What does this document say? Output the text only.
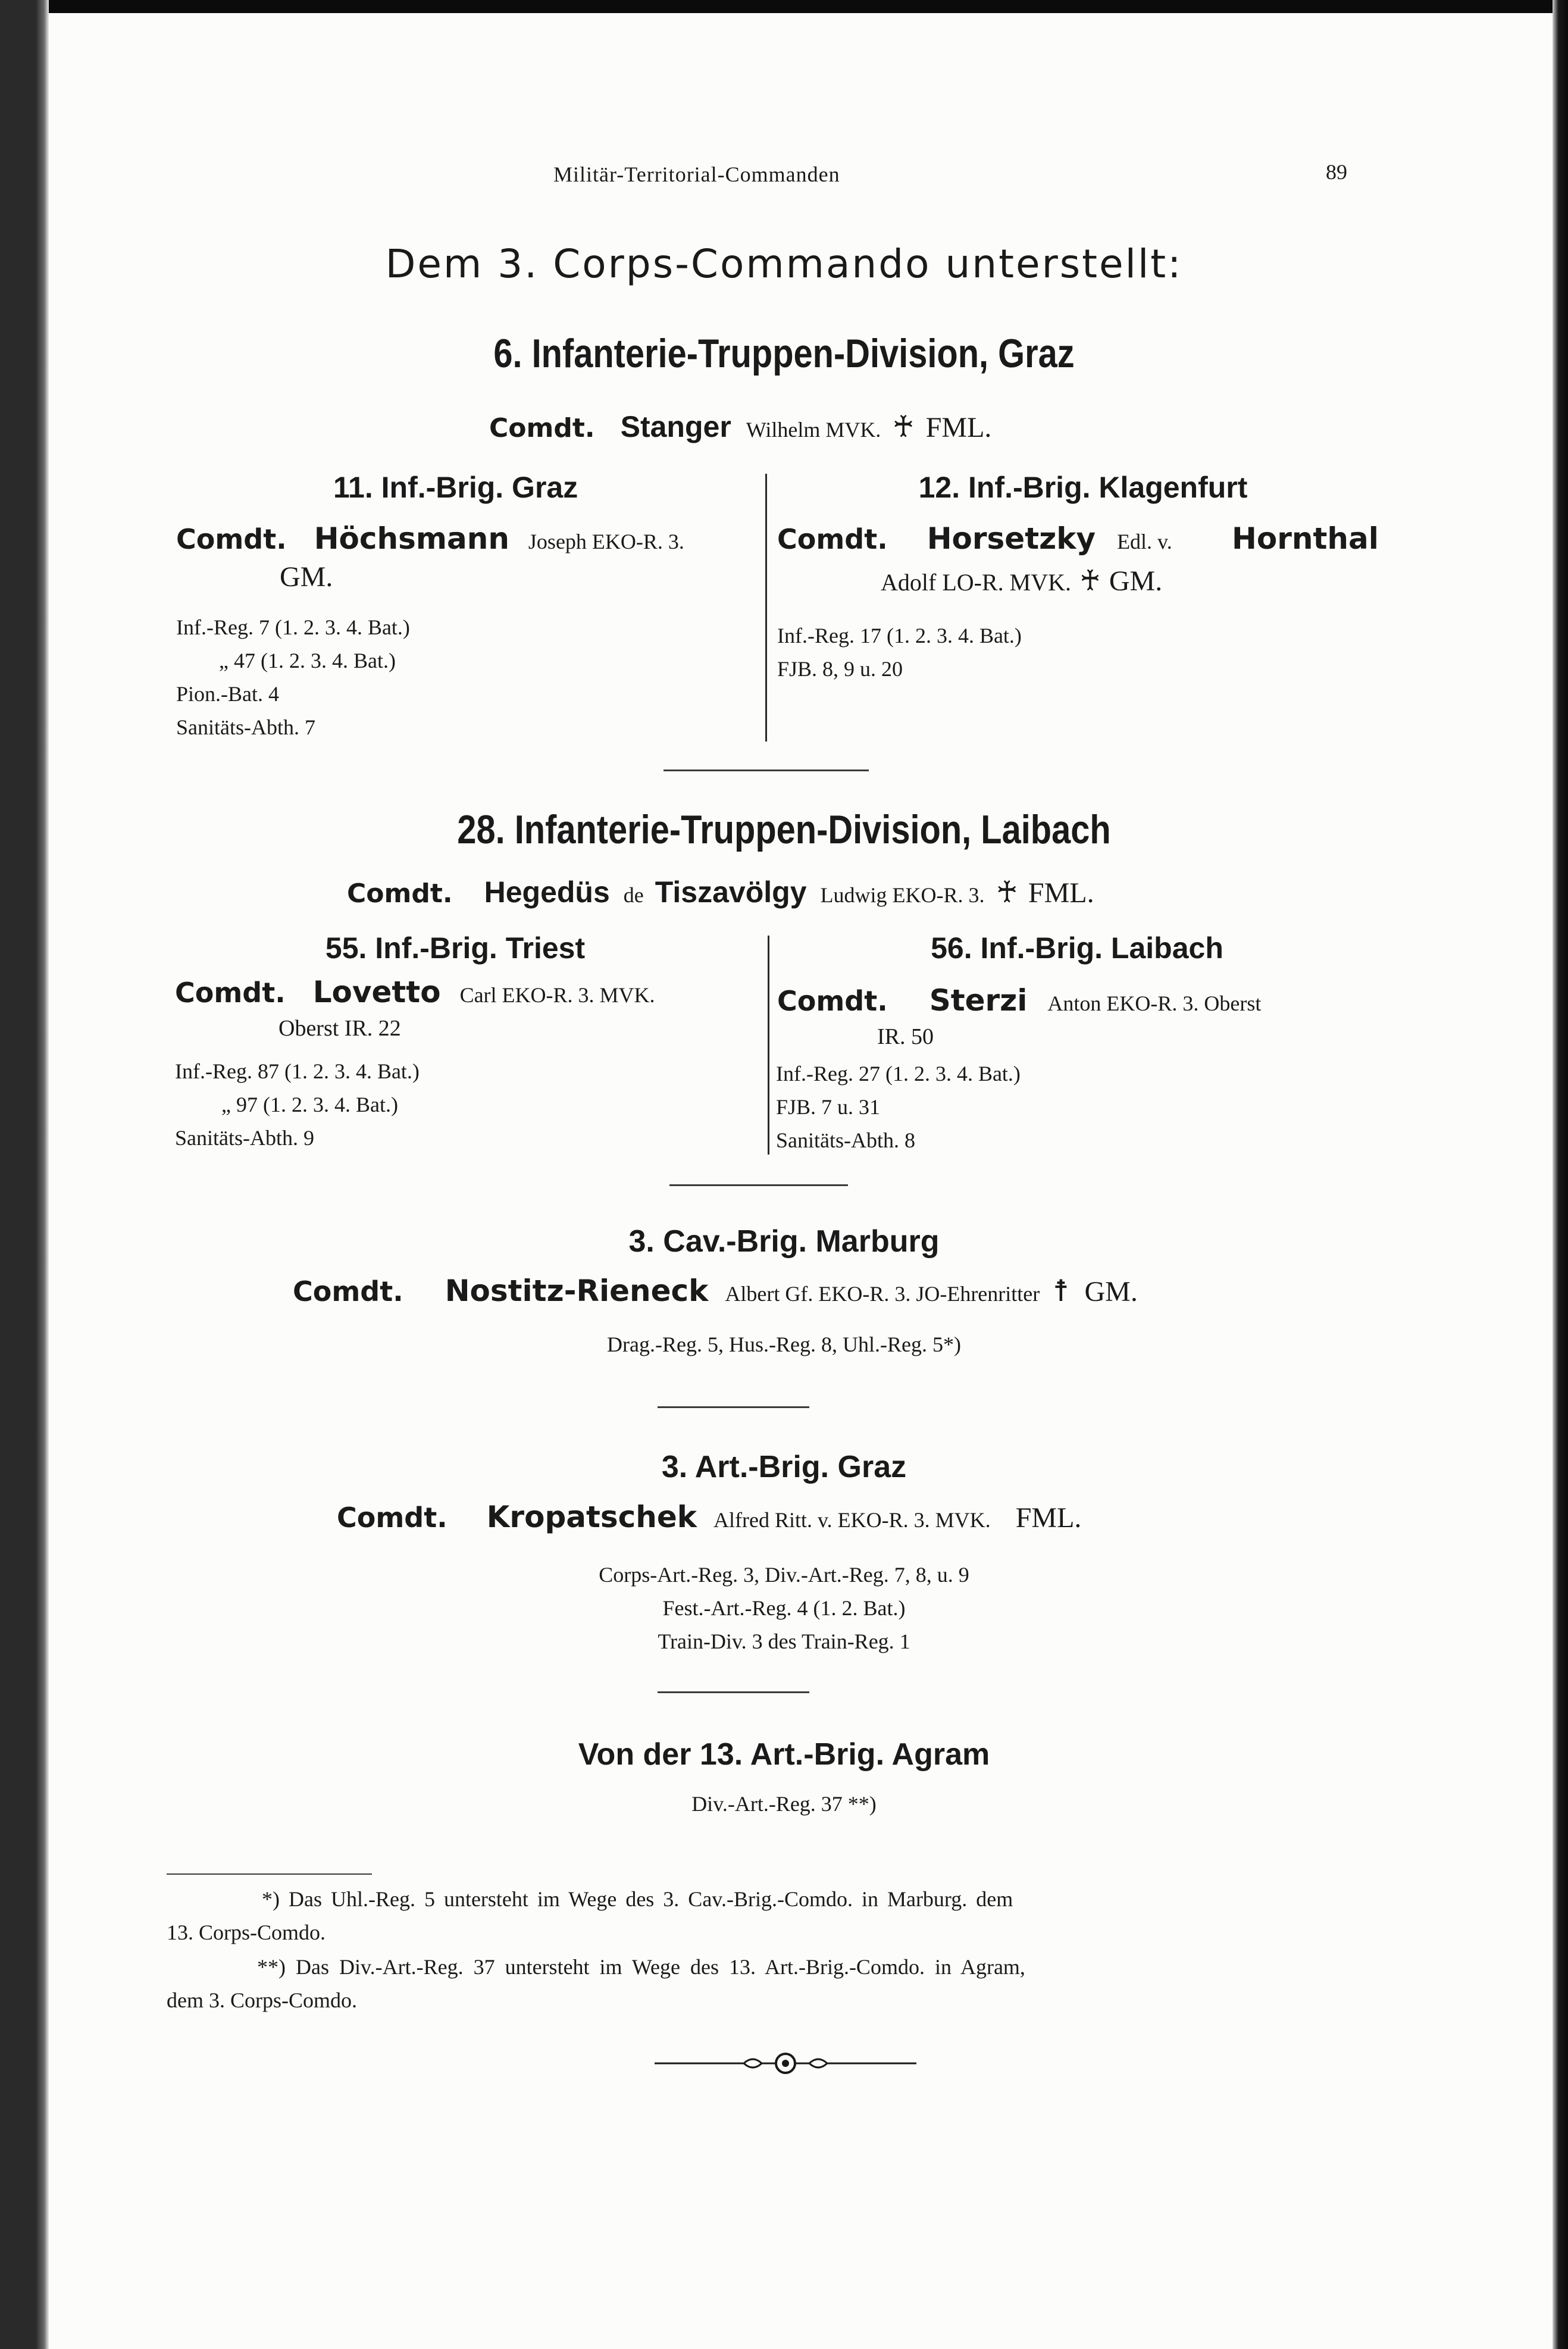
Militär-Territorial-Commanden	89
Dem 3. Corps-Commando unterstellt:
6. Infanterie-Truppen-Division, Graz
Comdt. Stanger Wilhelm MVK. ♰ FML.
11. Inf.-Brig. Graz
Comdt. Höchsmann Joseph EKO-R. 3.
GM.
Inf.-Reg. 7 (1. 2. 3. 4. Bat.)
„ 47 (1. 2. 3. 4. Bat.)
Pion.-Bat. 4
Sanitäts-Abth. 7
12. Inf.-Brig. Klagenfurt
Comdt. Horsetzky Edl. v. Hornthal
Adolf LO-R. MVK. ♰ GM.
Inf.-Reg. 17 (1. 2. 3. 4. Bat.)
FJB. 8, 9 u. 20
28. Infanterie-Truppen-Division, Laibach
Comdt. Hegedüs de Tiszavölgy Ludwig EKO-R. 3. ♰ FML.
55. Inf.-Brig. Triest
Comdt. Lovetto Carl EKO-R. 3. MVK.
Oberst IR. 22
Inf.-Reg. 87 (1. 2. 3. 4. Bat.)
„ 97 (1. 2. 3. 4. Bat.)
Sanitäts-Abth. 9
56. Inf.-Brig. Laibach
Comdt. Sterzi Anton EKO-R. 3. Oberst
IR. 50
Inf.-Reg. 27 (1. 2. 3. 4. Bat.)
FJB. 7 u. 31
Sanitäts-Abth. 8
3. Cav.-Brig. Marburg
Comdt. Nostitz-Rieneck Albert Gf. EKO-R. 3. JO-Ehrenritter ☨ GM.
Drag.-Reg. 5, Hus.-Reg. 8, Uhl.-Reg. 5*)
3. Art.-Brig. Graz
Comdt. Kropatschek Alfred Ritt. v. EKO-R. 3. MVK. FML.
Corps-Art.-Reg. 3, Div.-Art.-Reg. 7, 8, u. 9
Fest.-Art.-Reg. 4 (1. 2. Bat.)
Train-Div. 3 des Train-Reg. 1
Von der 13. Art.-Brig. Agram
Div.-Art.-Reg. 37 **)
*) Das Uhl.-Reg. 5 untersteht im Wege des 3. Cav.-Brig.-Comdo. in Marburg. dem
13. Corps-Comdo.
**) Das Div.-Art.-Reg. 37 untersteht im Wege des 13. Art.-Brig.-Comdo. in Agram,
dem 3. Corps-Comdo.
